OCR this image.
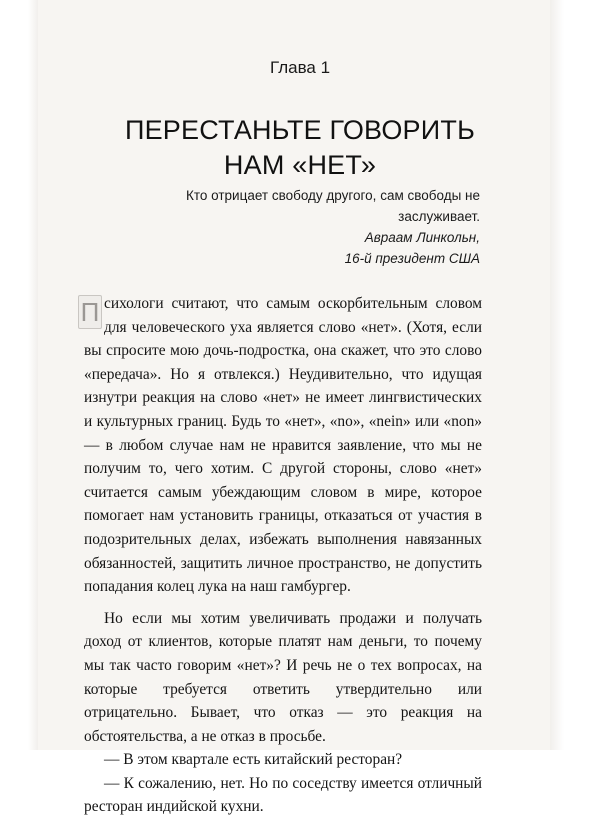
Глава 1
ПЕРЕСТАНЬТЕ ГОВОРИТЬ
НАМ «НЕТ»
Кто отрицает свободу другого, сам свободы не заслуживает.
Авраам Линкольн,
16-й президент США

П сихологи считают, что самым оскорбительным словом для человеческого уха является слово «нет». (Хотя, если вы спросите мою дочь-подростка, она скажет, что это слово «передача». Но я отвлекся.) Неудивительно, что идущая изнутри реакция на слово «нет» не имеет лингвистических и культурных границ. Будь то «нет», «no», «nein» или «non» — в любом случае нам не нравится заявление, что мы не получим то, чего хотим. С другой стороны, слово «нет» считается самым убеждающим словом в мире, которое помогает нам установить границы, отказаться от участия в подозрительных делах, избежать выполнения навязанных обязанностей, защитить личное пространство, не допустить попадания колец лука на наш гамбургер.

Но если мы хотим увеличивать продажи и получать доход от клиентов, которые платят нам деньги, то почему мы так часто говорим «нет»? И речь не о тех вопросах, на которые требуется ответить утвердительно или отрицательно. Бывает, что отказ — это реакция на обстоятельства, а не отказ в просьбе.

— В этом квартале есть китайский ресторан?

— К сожалению, нет. Но по соседству имеется отличный ресторан индийской кухни.
